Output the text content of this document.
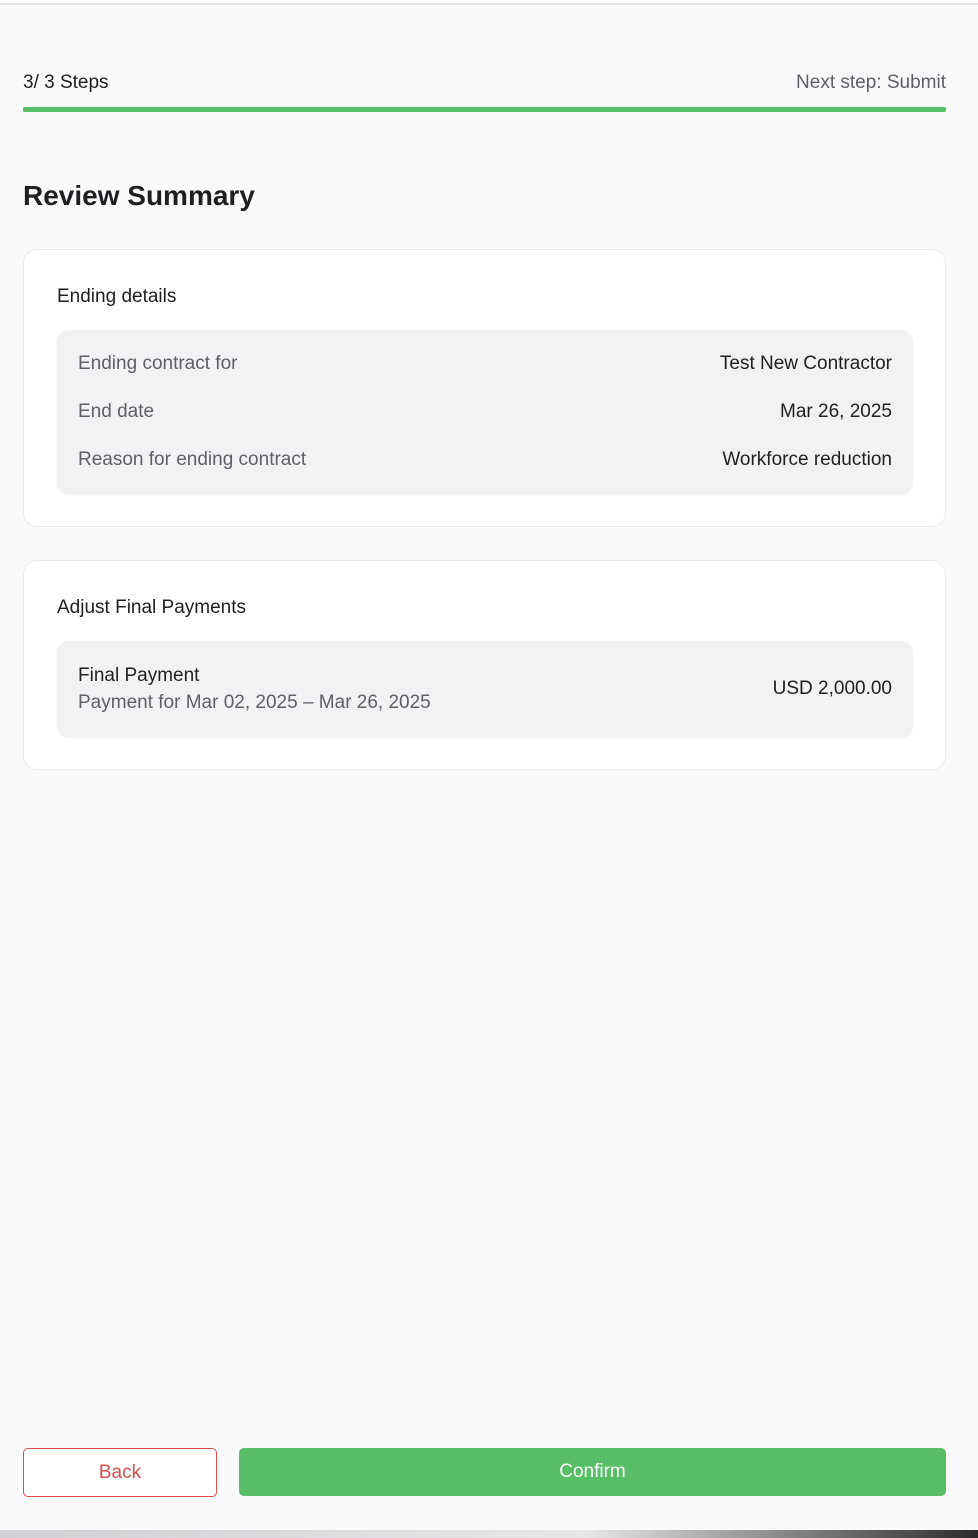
3/ 3 Steps	Next step: Submit
Review Summary
Ending details
Ending contract for	Test New Contractor
End date	Mar 26, 2025
Reason for ending contract	Workforce reduction
Adjust Final Payments
Final Payment
Payment for Mar 02, 2025 – Mar 26, 2025
USD 2,000.00
Back	Confirm
